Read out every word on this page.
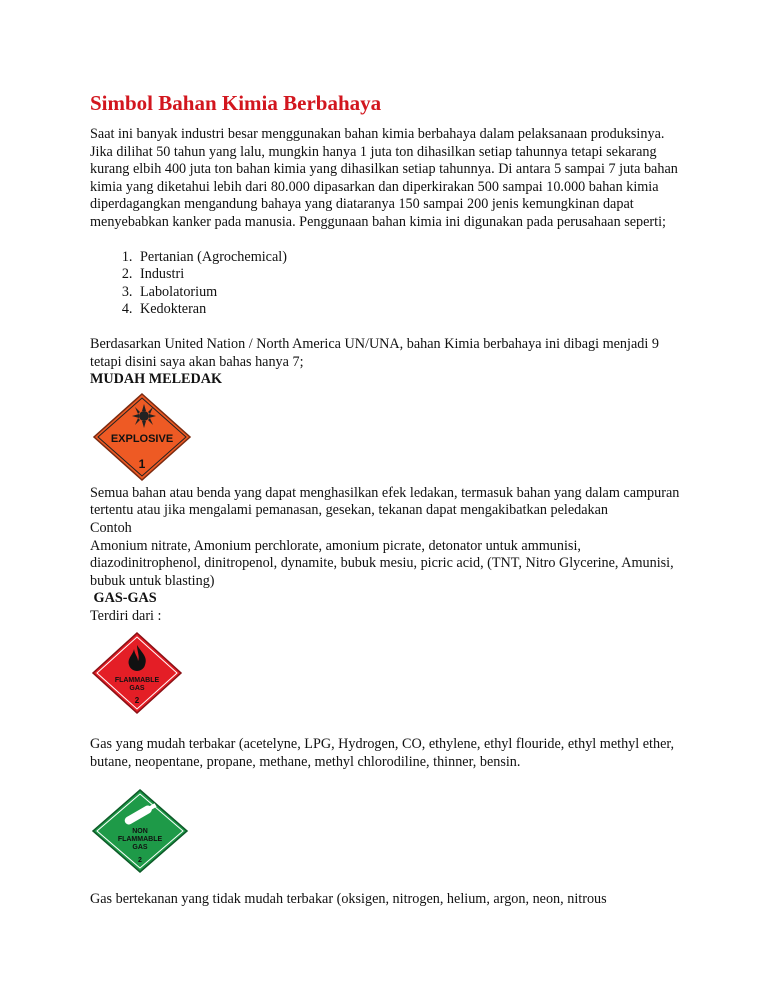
Simbol Bahan Kimia Berbahaya

Saat ini banyak industri besar menggunakan bahan kimia berbahaya dalam pelaksanaan produksinya. Jika dilihat 50 tahun yang lalu, mungkin hanya 1 juta ton dihasilkan setiap tahunnya tetapi sekarang kurang elbih 400 juta ton bahan kimia yang dihasilkan setiap tahunnya. Di antara 5 sampai 7 juta bahan kimia yang diketahui lebih dari 80.000 dipasarkan dan diperkirakan 500 sampai 10.000 bahan kimia diperdagangkan mengandung bahaya yang diataranya 150 sampai 200 jenis kemungkinan dapat menyebabkan kanker pada manusia. Penggunaan bahan kimia ini digunakan pada perusahaan seperti;

1. Pertanian (Agrochemical)
2. Industri
3. Labolatorium
4. Kedokteran

Berdasarkan United Nation / North America UN/UNA, bahan Kimia berbahaya ini dibagi menjadi 9 tetapi disini saya akan bahas hanya 7;

MUDAH MELEDAK

EXPLOSIVE
1

Semua bahan atau benda yang dapat menghasilkan efek ledakan, termasuk bahan yang dalam campuran tertentu atau jika mengalami pemanasan, gesekan, tekanan dapat mengakibatkan peledakan

Contoh

Amonium nitrate, Amonium perchlorate, amonium picrate, detonator untuk ammunisi, diazodinitrophenol, dinitropenol, dynamite, bubuk mesiu, picric acid, (TNT, Nitro Glycerine, Amunisi, bubuk untuk blasting)

GAS-GAS

Terdiri dari :

FLAMMABLE
GAS
2

Gas yang mudah terbakar (acetelyne, LPG, Hydrogen, CO, ethylene, ethyl flouride, ethyl methyl ether, butane, neopentane, propane, methane, methyl chlorodiline, thinner, bensin.

NON
FLAMMABLE
GAS
2

Gas bertekanan yang tidak mudah terbakar (oksigen, nitrogen, helium, argon, neon, nitrous
